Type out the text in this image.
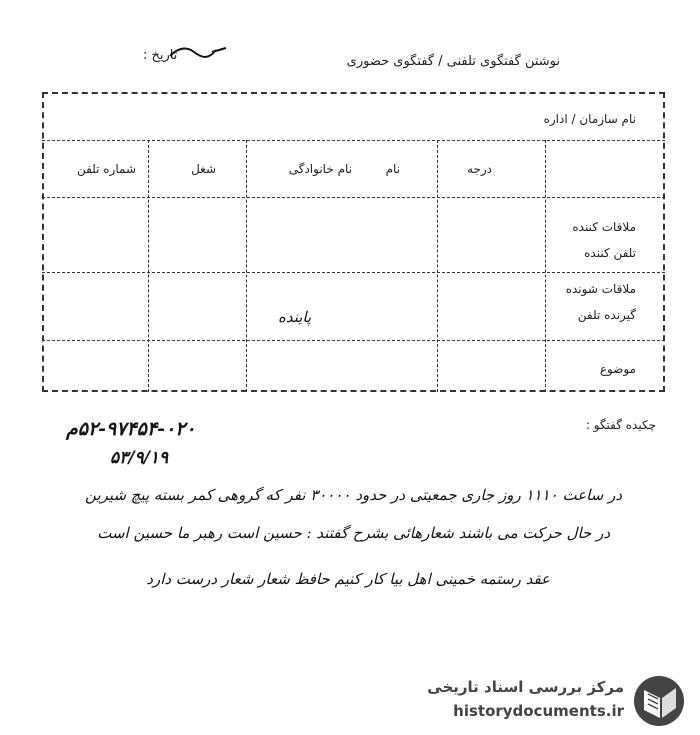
نوشتن گفتگوی تلفنی / گفتگوی حضوری
تاریخ :
نام سازمان / اداره
درجه
نام
نام خانوادگی
شغل
شماره تلفن
ملاقات کننده
تلفن کننده
ملاقات شونده
گیرنده تلفن
موضوع
پاینده
چکیده گفتگو :
۵۲-۹۷۴۵۴-۰۲۰م
۵۳/۹/۱۹
در ساعت ۱۱۱۰ روز جاری جمعیتی در حدود ۳۰۰۰۰ نفر که گروهی کمر بسته پیچ شیرین
در حال حرکت می باشند شعارهائی بشرح گفتند : حسین است رهبر ما حسین است
عقد رستمه خمینی اهل بیا کار کنیم حافظ شعار شعار درست دارد
مرکز بررسی اسناد تاریخی
historydocuments.ir
